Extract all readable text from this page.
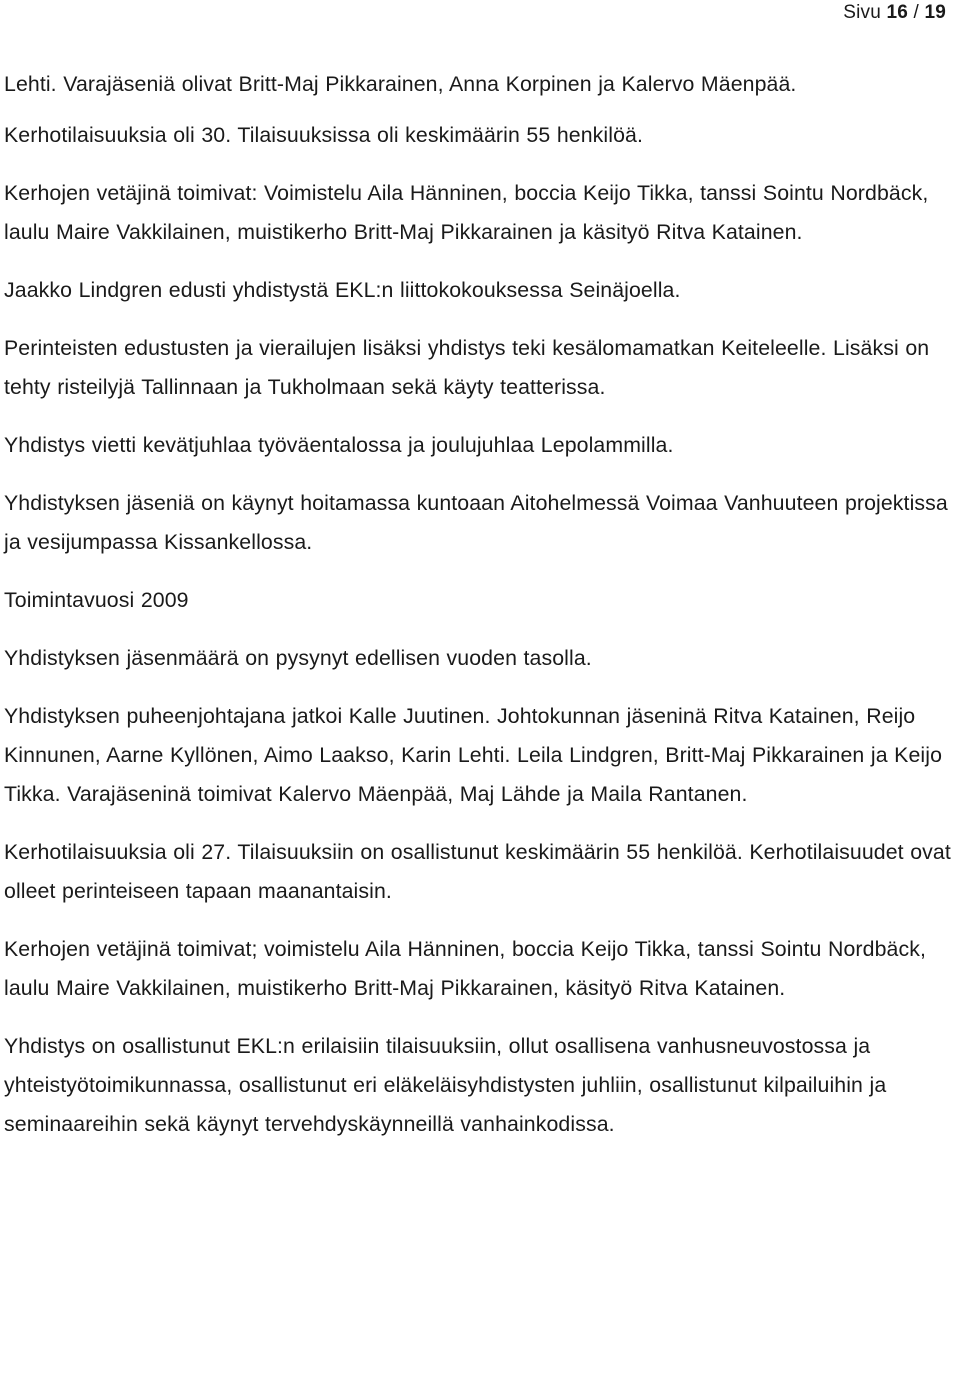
Sivu 16 / 19

Lehti. Varajäseniä olivat Britt-Maj Pikkarainen, Anna Korpinen ja Kalervo Mäenpää.

Kerhotilaisuuksia oli 30. Tilaisuuksissa oli keskimäärin 55 henkilöä.

Kerhojen vetäjinä toimivat: Voimistelu Aila Hänninen, boccia Keijo Tikka, tanssi Sointu Nordbäck, laulu Maire Vakkilainen, muistikerho Britt-Maj Pikkarainen ja käsityö Ritva Katainen.

Jaakko Lindgren edusti yhdistystä EKL:n liittokokouksessa Seinäjoella.

Perinteisten edustusten ja vierailujen lisäksi yhdistys teki kesälomamatkan Keiteleelle. Lisäksi on tehty risteilyjä Tallinnaan ja Tukholmaan sekä käyty teatterissa.

Yhdistys vietti kevätjuhlaa työväentalossa ja joulujuhlaa Lepolammilla.

Yhdistyksen jäseniä on käynyt hoitamassa kuntoaan Aitohelmessä Voimaa Vanhuuteen projektissa ja vesijumpassa Kissankellossa.

Toimintavuosi 2009

Yhdistyksen jäsenmäärä on pysynyt edellisen vuoden tasolla.

Yhdistyksen puheenjohtajana jatkoi Kalle Juutinen. Johtokunnan jäseninä Ritva Katainen, Reijo Kinnunen, Aarne Kyllönen, Aimo Laakso, Karin Lehti. Leila Lindgren, Britt-Maj Pikkarainen ja Keijo Tikka. Varajäseninä toimivat Kalervo Mäenpää, Maj Lähde ja Maila Rantanen.

Kerhotilaisuuksia oli 27. Tilaisuuksiin on osallistunut keskimäärin 55 henkilöä. Kerhotilaisuudet ovat olleet perinteiseen tapaan maanantaisin.

Kerhojen vetäjinä toimivat; voimistelu Aila Hänninen, boccia Keijo Tikka, tanssi Sointu Nordbäck, laulu Maire Vakkilainen, muistikerho Britt-Maj Pikkarainen, käsityö Ritva Katainen.

Yhdistys on osallistunut EKL:n erilaisiin tilaisuuksiin, ollut osallisena vanhusneuvostossa ja yhteistyötoimikunnassa, osallistunut eri eläkeläisyhdistysten juhliin, osallistunut kilpailuihin ja seminaareihin sekä käynyt tervehdyskäynneillä vanhainkodissa.
